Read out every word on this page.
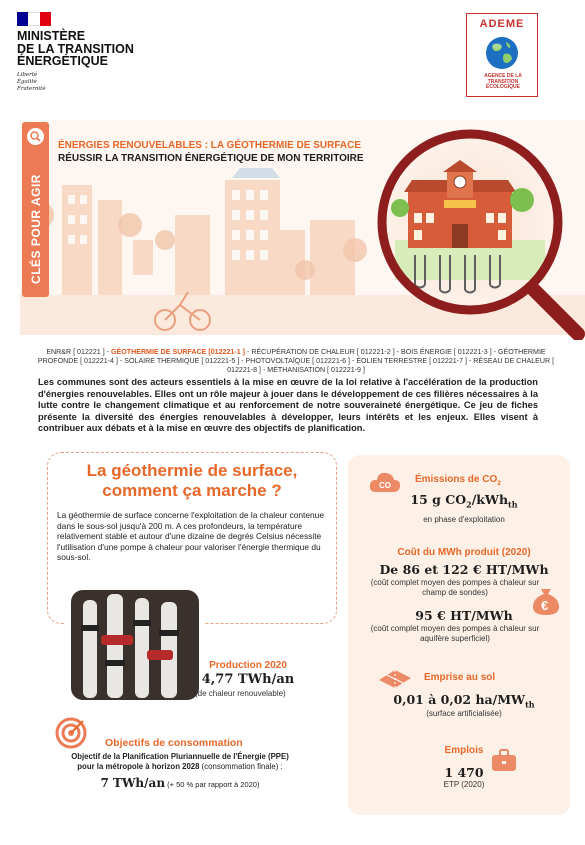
MINISTÈRE
DE LA TRANSITION
ÉNERGÉTIQUE
Liberté
Égalité
Fraternité
ADEME
AGENCE DE LA
TRANSITION
ÉCOLOGIQUE
CLÉS POUR AGIR
ÉNERGIES RENOUVELABLES : LA GÉOTHERMIE DE SURFACE
RÉUSSIR LA TRANSITION ÉNERGÉTIQUE DE MON TERRITOIRE
ENR&R [ 012221 ] - GÉOTHERMIE DE SURFACE [012221-1 ] - RÉCUPÉRATION DE CHALEUR [ 012221-2 ] - BOIS ÉNERGIE [ 012221-3 ] - GÉOTHERMIE PROFONDE [ 012221-4 ] - SOLAIRE THERMIQUE [ 012221-5 ] - PHOTOVOLTAÏQUE [ 012221-6 ] - ÉOLIEN TERRESTRE [ 012221-7 ] - RÉSEAU DE CHALEUR [ 012221-8 ] - MÉTHANISATION [ 012221-9 ]
Les communes sont des acteurs essentiels à la mise en œuvre de la loi relative à l'accélération de la production d'énergies renouvelables. Elles ont un rôle majeur à jouer dans le développement de ces filières nécessaires à la lutte contre le changement climatique et au renforcement de notre souveraineté énergétique. Ce jeu de fiches présente la diversité des énergies renouvelables à développer, leurs intérêts et les enjeux. Elles visent à contribuer aux débats et à la mise en œuvre des objectifs de planification.
La géothermie de surface,
comment ça marche ?
La géothermie de surface concerne l'exploitation de la chaleur contenue dans le sous-sol jusqu'à 200 m. A ces profondeurs, la température relativement stable et autour d'une dizaine de degrés Celsius nécessite l'utilisation d'une pompe à chaleur pour valoriser l'énergie thermique du sous-sol.
Production 2020
4,77 TWh/an
(de chaleur renouvelable)
Objectifs de consommation
Objectif de la Planification Pluriannuelle de l'Énergie (PPE) pour la métropole à horizon 2028 (consommation finale) :
7 TWh/an (+ 50 % par rapport à 2020)
CO
Émissions de $CO_2$
15 g $CO_2/kWh_{th}$
en phase d'exploitation
Coût du MWh produit (2020)
De 86 et 122 € HT/MWh
(coût complet moyen des pompes à chaleur sur champ de sondes)
€
95 € HT/MWh
(coût complet moyen des pompes à chaleur sur aquifère superficiel)
Emprise au sol
0,01 à 0,02 $ha/MW_{th}$
(surface artificialisée)
Emplois
1 470
ETP (2020)
